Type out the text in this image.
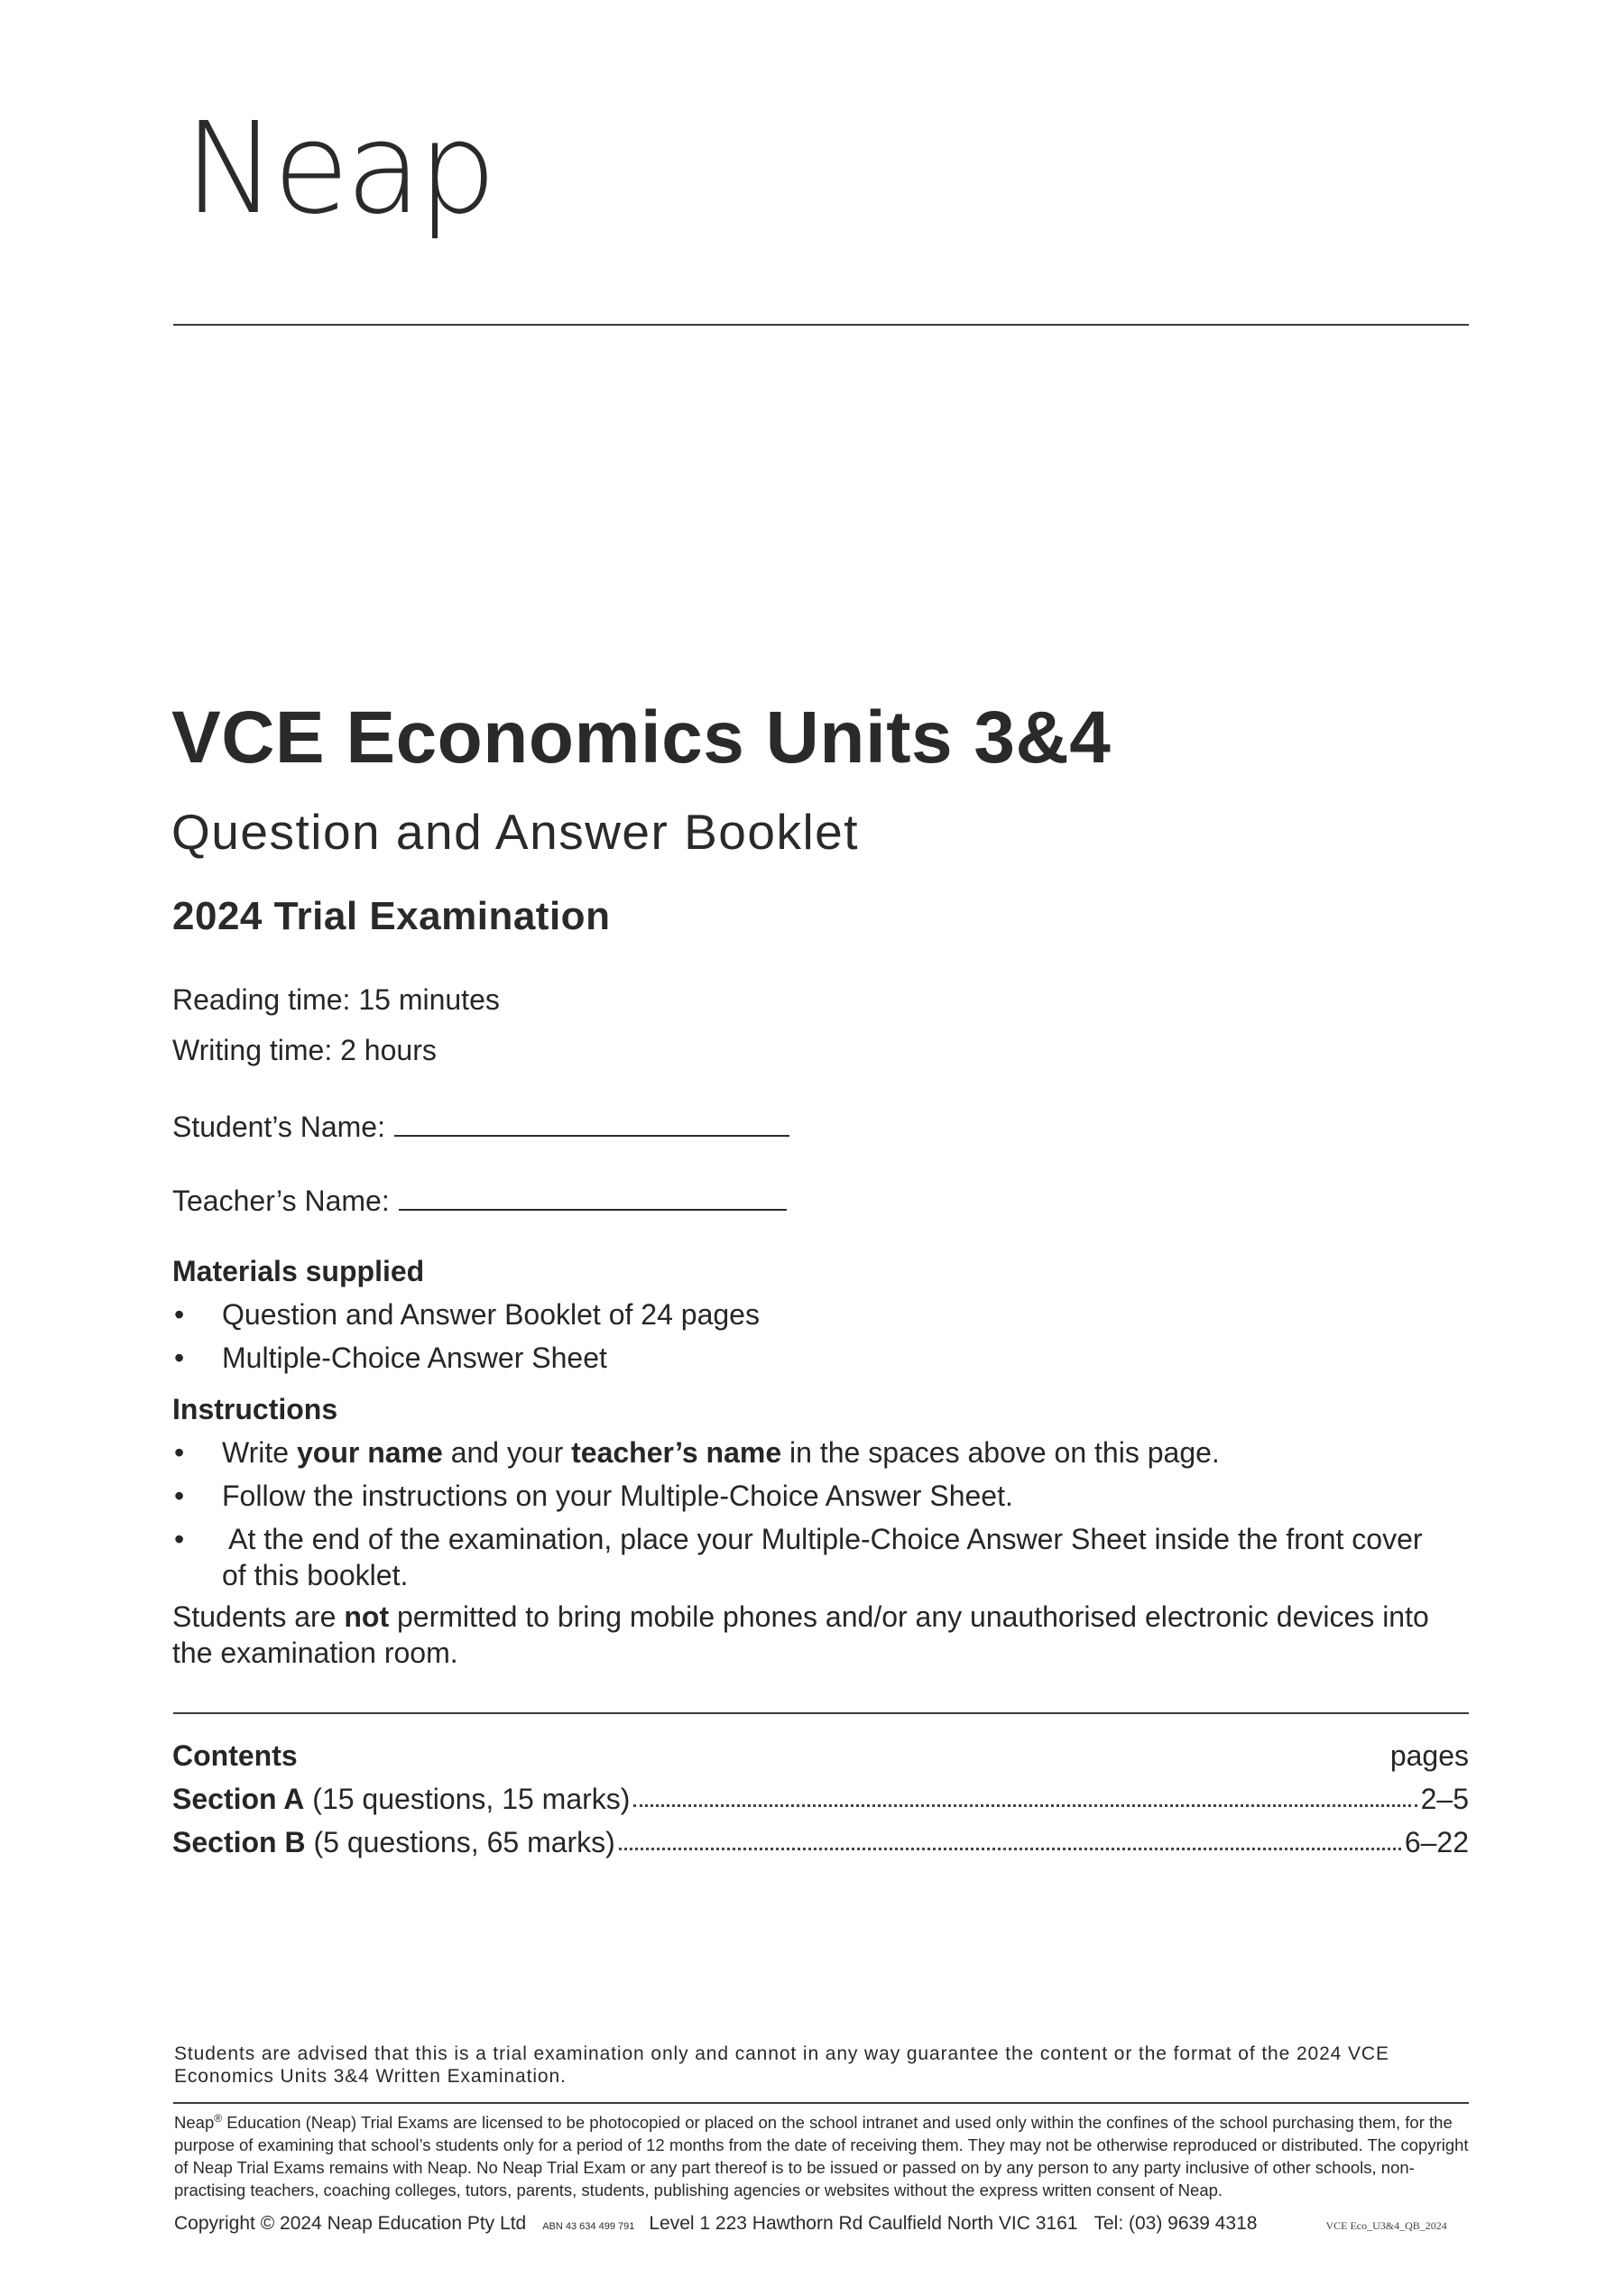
Neap
VCE Economics Units 3&4
Question and Answer Booklet
2024 Trial Examination
Reading time: 15 minutes
Writing time: 2 hours
Student’s Name:
Teacher’s Name:
Materials supplied
• Question and Answer Booklet of 24 pages
• Multiple-Choice Answer Sheet
Instructions
• Write your name and your teacher’s name in the spaces above on this page.
• Follow the instructions on your Multiple-Choice Answer Sheet.
• At the end of the examination, place your Multiple-Choice Answer Sheet inside the front cover
of this booklet.
Students are not permitted to bring mobile phones and/or any unauthorised electronic devices into the examination room.
Contents	pages
Section A (15 questions, 15 marks)	2–5
Section B (5 questions, 65 marks)	6–22
Students are advised that this is a trial examination only and cannot in any way guarantee the content or the format of the 2024 VCE Economics Units 3&4 Written Examination.
Neap® Education (Neap) Trial Exams are licensed to be photocopied or placed on the school intranet and used only within the confines of the school purchasing them, for the purpose of examining that school’s students only for a period of 12 months from the date of receiving them. They may not be otherwise reproduced or distributed. The copyright of Neap Trial Exams remains with Neap. No Neap Trial Exam or any part thereof is to be issued or passed on by any person to any party inclusive of other schools, non-practising teachers, coaching colleges, tutors, parents, students, publishing agencies or websites without the express written consent of Neap.
Copyright © 2024 Neap Education Pty Ltd ABN 43 634 499 791 Level 1 223 Hawthorn Rd Caulfield North VIC 3161 Tel: (03) 9639 4318	VCE Eco_U3&4_QB_2024
